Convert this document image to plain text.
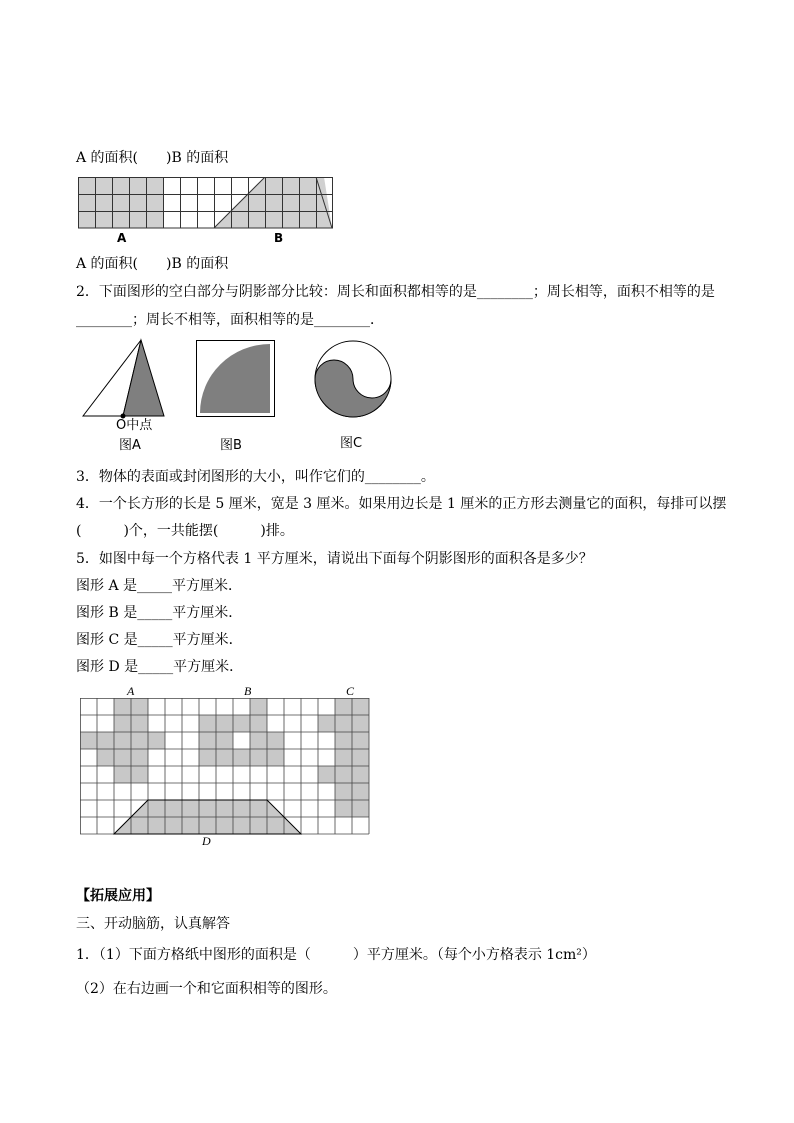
A 的面积(　　)B 的面积
A	B
A 的面积(　　)B 的面积
2．下面图形的空白部分与阴影部分比较：周长和面积都相等的是________；周长相等，面积不相等的是
________；周长不相等，面积相等的是________．
O中点
图A	图B	图C
3．物体的表面或封闭图形的大小，叫作它们的________。
4．一个长方形的长是 5 厘米，宽是 3 厘米。如果用边长是 1 厘米的正方形去测量它的面积，每排可以摆
(　　　)个，一共能摆(　　　)排。
5．如图中每一个方格代表 1 平方厘米，请说出下面每个阴影图形的面积各是多少？
图形 A 是_____平方厘米．
图形 B 是_____平方厘米．
图形 C 是_____平方厘米．
图形 D 是_____平方厘米．
A	B	C
D
【拓展应用】
三、开动脑筋，认真解答
1．（1）下面方格纸中图形的面积是（　　　）平方厘米。（每个小方格表示 1cm²）
（2）在右边画一个和它面积相等的图形。
